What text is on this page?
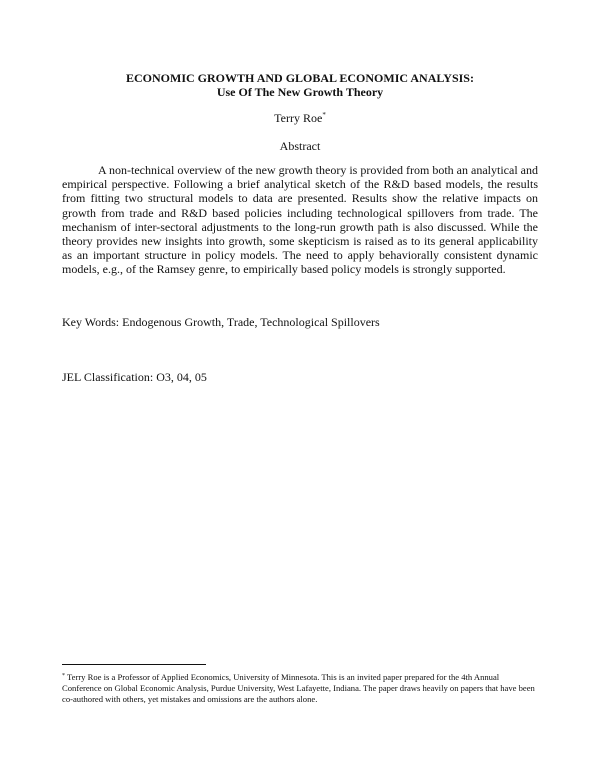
ECONOMIC GROWTH AND GLOBAL ECONOMIC ANALYSIS:
Use Of The New Growth Theory
Terry Roe*
Abstract

A non-technical overview of the new growth theory is provided from both an analytical and empirical perspective. Following a brief analytical sketch of the R&D based models, the results from fitting two structural models to data are presented. Results show the relative impacts on growth from trade and R&D based policies including technological spillovers from trade. The mechanism of inter-sectoral adjustments to the long-run growth path is also discussed. While the theory provides new insights into growth, some skepticism is raised as to its general applicability as an important structure in policy models. The need to apply behaviorally consistent dynamic models, e.g., of the Ramsey genre, to empirically based policy models is strongly supported.

Key Words: Endogenous Growth, Trade, Technological Spillovers
JEL Classification: O3, 04, 05

* Terry Roe is a Professor of Applied Economics, University of Minnesota. This is an invited paper prepared for the 4th Annual Conference on Global Economic Analysis, Purdue University, West Lafayette, Indiana. The paper draws heavily on papers that have been co-authored with others, yet mistakes and omissions are the authors alone.
